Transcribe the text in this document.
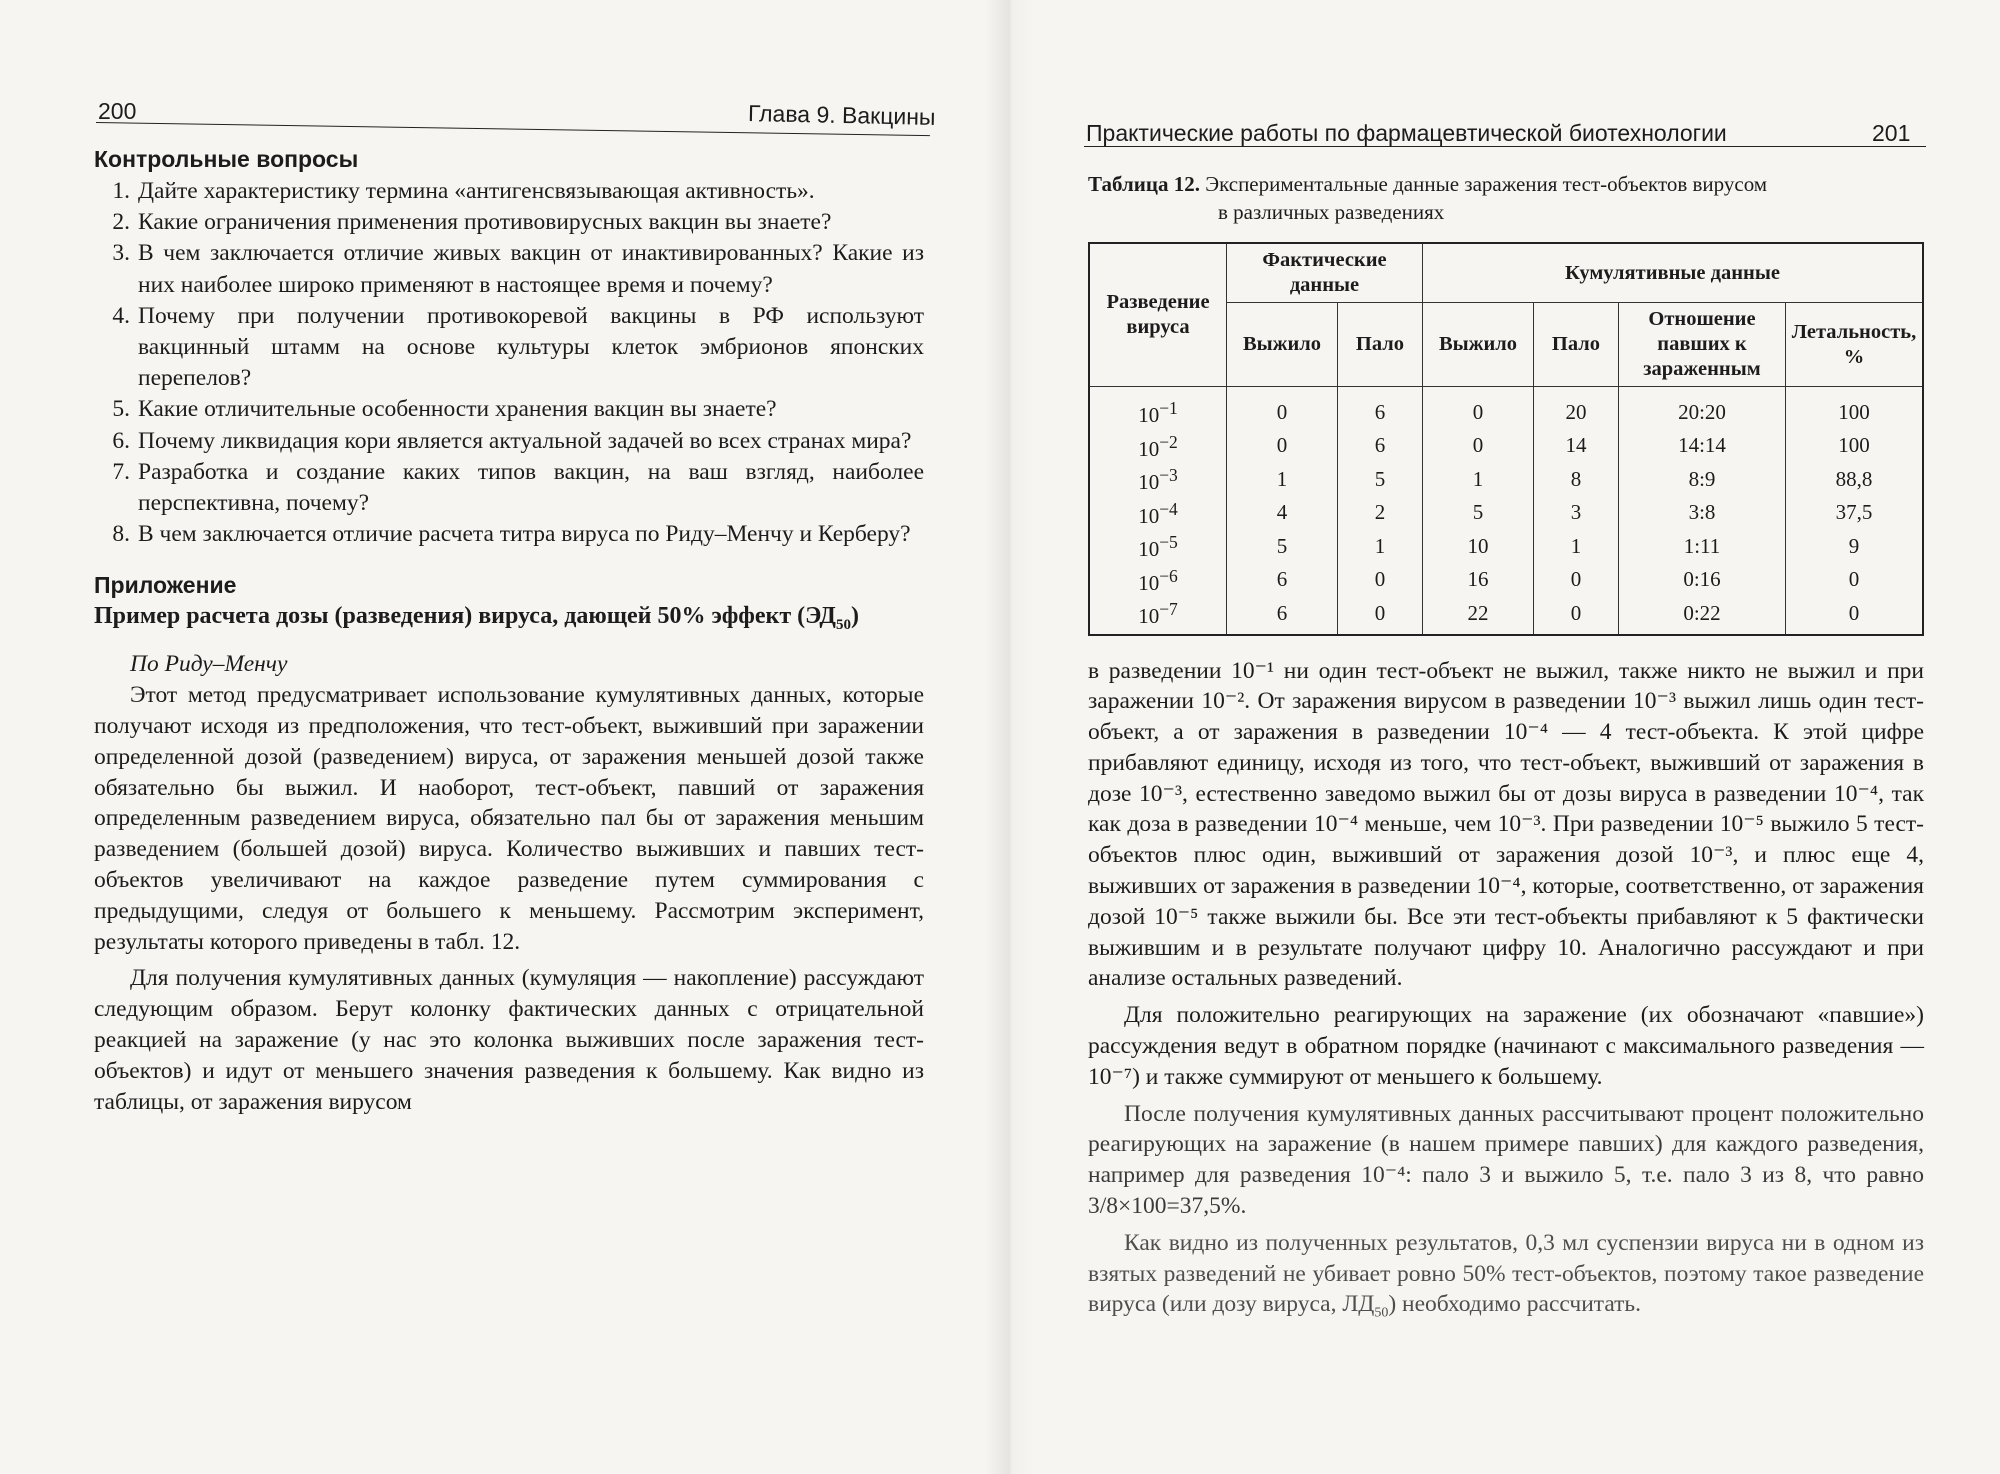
200	Глава 9. Вакцины
Контрольные вопросы
1. Дайте характеристику термина «антигенсвязывающая активность».
2. Какие ограничения применения противовирусных вакцин вы знаете?
3. В чем заключается отличие живых вакцин от инактивированных? Какие из них наиболее широко применяют в настоящее время и почему?
4. Почему при получении противокоревой вакцины в РФ используют вакцинный штамм на основе культуры клеток эмбрионов японских перепелов?
5. Какие отличительные особенности хранения вакцин вы знаете?
6. Почему ликвидация кори является актуальной задачей во всех странах мира?
7. Разработка и создание каких типов вакцин, на ваш взгляд, наиболее перспективна, почему?
8. В чем заключается отличие расчета титра вируса по Риду–Менчу и Керберу?
Приложение
Пример расчета дозы (разведения) вируса, дающей 50% эффект $(ЭД_{50})$

По Риду–Менчу

Этот метод предусматривает использование кумулятивных данных, которые получают исходя из предположения, что тест-объект, выживший при заражении определенной дозой (разведением) вируса, от заражения меньшей дозой также обязательно бы выжил. И наоборот, тест-объект, павший от заражения определенным разведением вируса, обязательно пал бы от заражения меньшим разведением (большей дозой) вируса. Количество выживших и павших тест-объектов увеличивают на каждое разведение путем суммирования с предыдущими, следуя от большего к меньшему. Рассмотрим эксперимент, результаты которого приведены в табл. 12.

Для получения кумулятивных данных (кумуляция — накопление) рассуждают следующим образом. Берут колонку фактических данных с отрицательной реакцией на заражение (у нас это колонка выживших после заражения тест-объектов) и идут от меньшего значения разведения к большему. Как видно из таблицы, от заражения вирусом

Практические работы по фармацевтической биотехнологии	201

Таблица 12. Экспериментальные данные заражения тест-объектов вирусом
в различных разведениях

Разведение вируса	Фактические данные		Кумулятивные данные			
	Выжило	Пало	Выжило	Пало	Отношение павших к зараженным	Летальность, %
$10^{-1}$	0	6	0	20	20:20	100
$10^{-2}$	0	6	0	14	14:14	100
$10^{-3}$	1	5	1	8	8:9	88,8
$10^{-4}$	4	2	5	3	3:8	37,5
$10^{-5}$	5	1	10	1	1:11	9
$10^{-6}$	6	0	16	0	0:16	0
$10^{-7}$	6	0	22	0	0:22	0

в разведении 10⁻¹ ни один тест-объект не выжил, также никто не выжил и при заражении 10⁻². От заражения вирусом в разведении 10⁻³ выжил лишь один тест-объект, а от заражения в разведении 10⁻⁴ — 4 тест-объекта. К этой цифре прибавляют единицу, исходя из того, что тест-объект, выживший от заражения в дозе 10⁻³, естественно заведомо выжил бы от дозы вируса в разведении 10⁻⁴, так как доза в разведении 10⁻⁴ меньше, чем 10⁻³. При разведении 10⁻⁵ выжило 5 тест-объектов плюс один, выживший от заражения дозой 10⁻³, и плюс еще 4, выживших от заражения в разведении 10⁻⁴, которые, соответственно, от заражения дозой 10⁻⁵ также выжили бы. Все эти тест-объекты прибавляют к 5 фактически выжившим и в результате получают цифру 10. Аналогично рассуждают и при анализе остальных разведений.

Для положительно реагирующих на заражение (их обозначают «павшие») рассуждения ведут в обратном порядке (начинают с максимального разведения — 10⁻⁷) и также суммируют от меньшего к большему.

После получения кумулятивных данных рассчитывают процент положительно реагирующих на заражение (в нашем примере павших) для каждого разведения, например для разведения 10⁻⁴: пало 3 и выжило 5, т.е. пало 3 из 8, что равно 3/8×100=37,5%.

Как видно из полученных результатов, 0,3 мл суспензии вируса ни в одном из взятых разведений не убивает ровно 50% тест-объектов, поэтому такое разведение вируса (или дозу вируса, $ЛД_{50}$) необходимо рассчитать.
